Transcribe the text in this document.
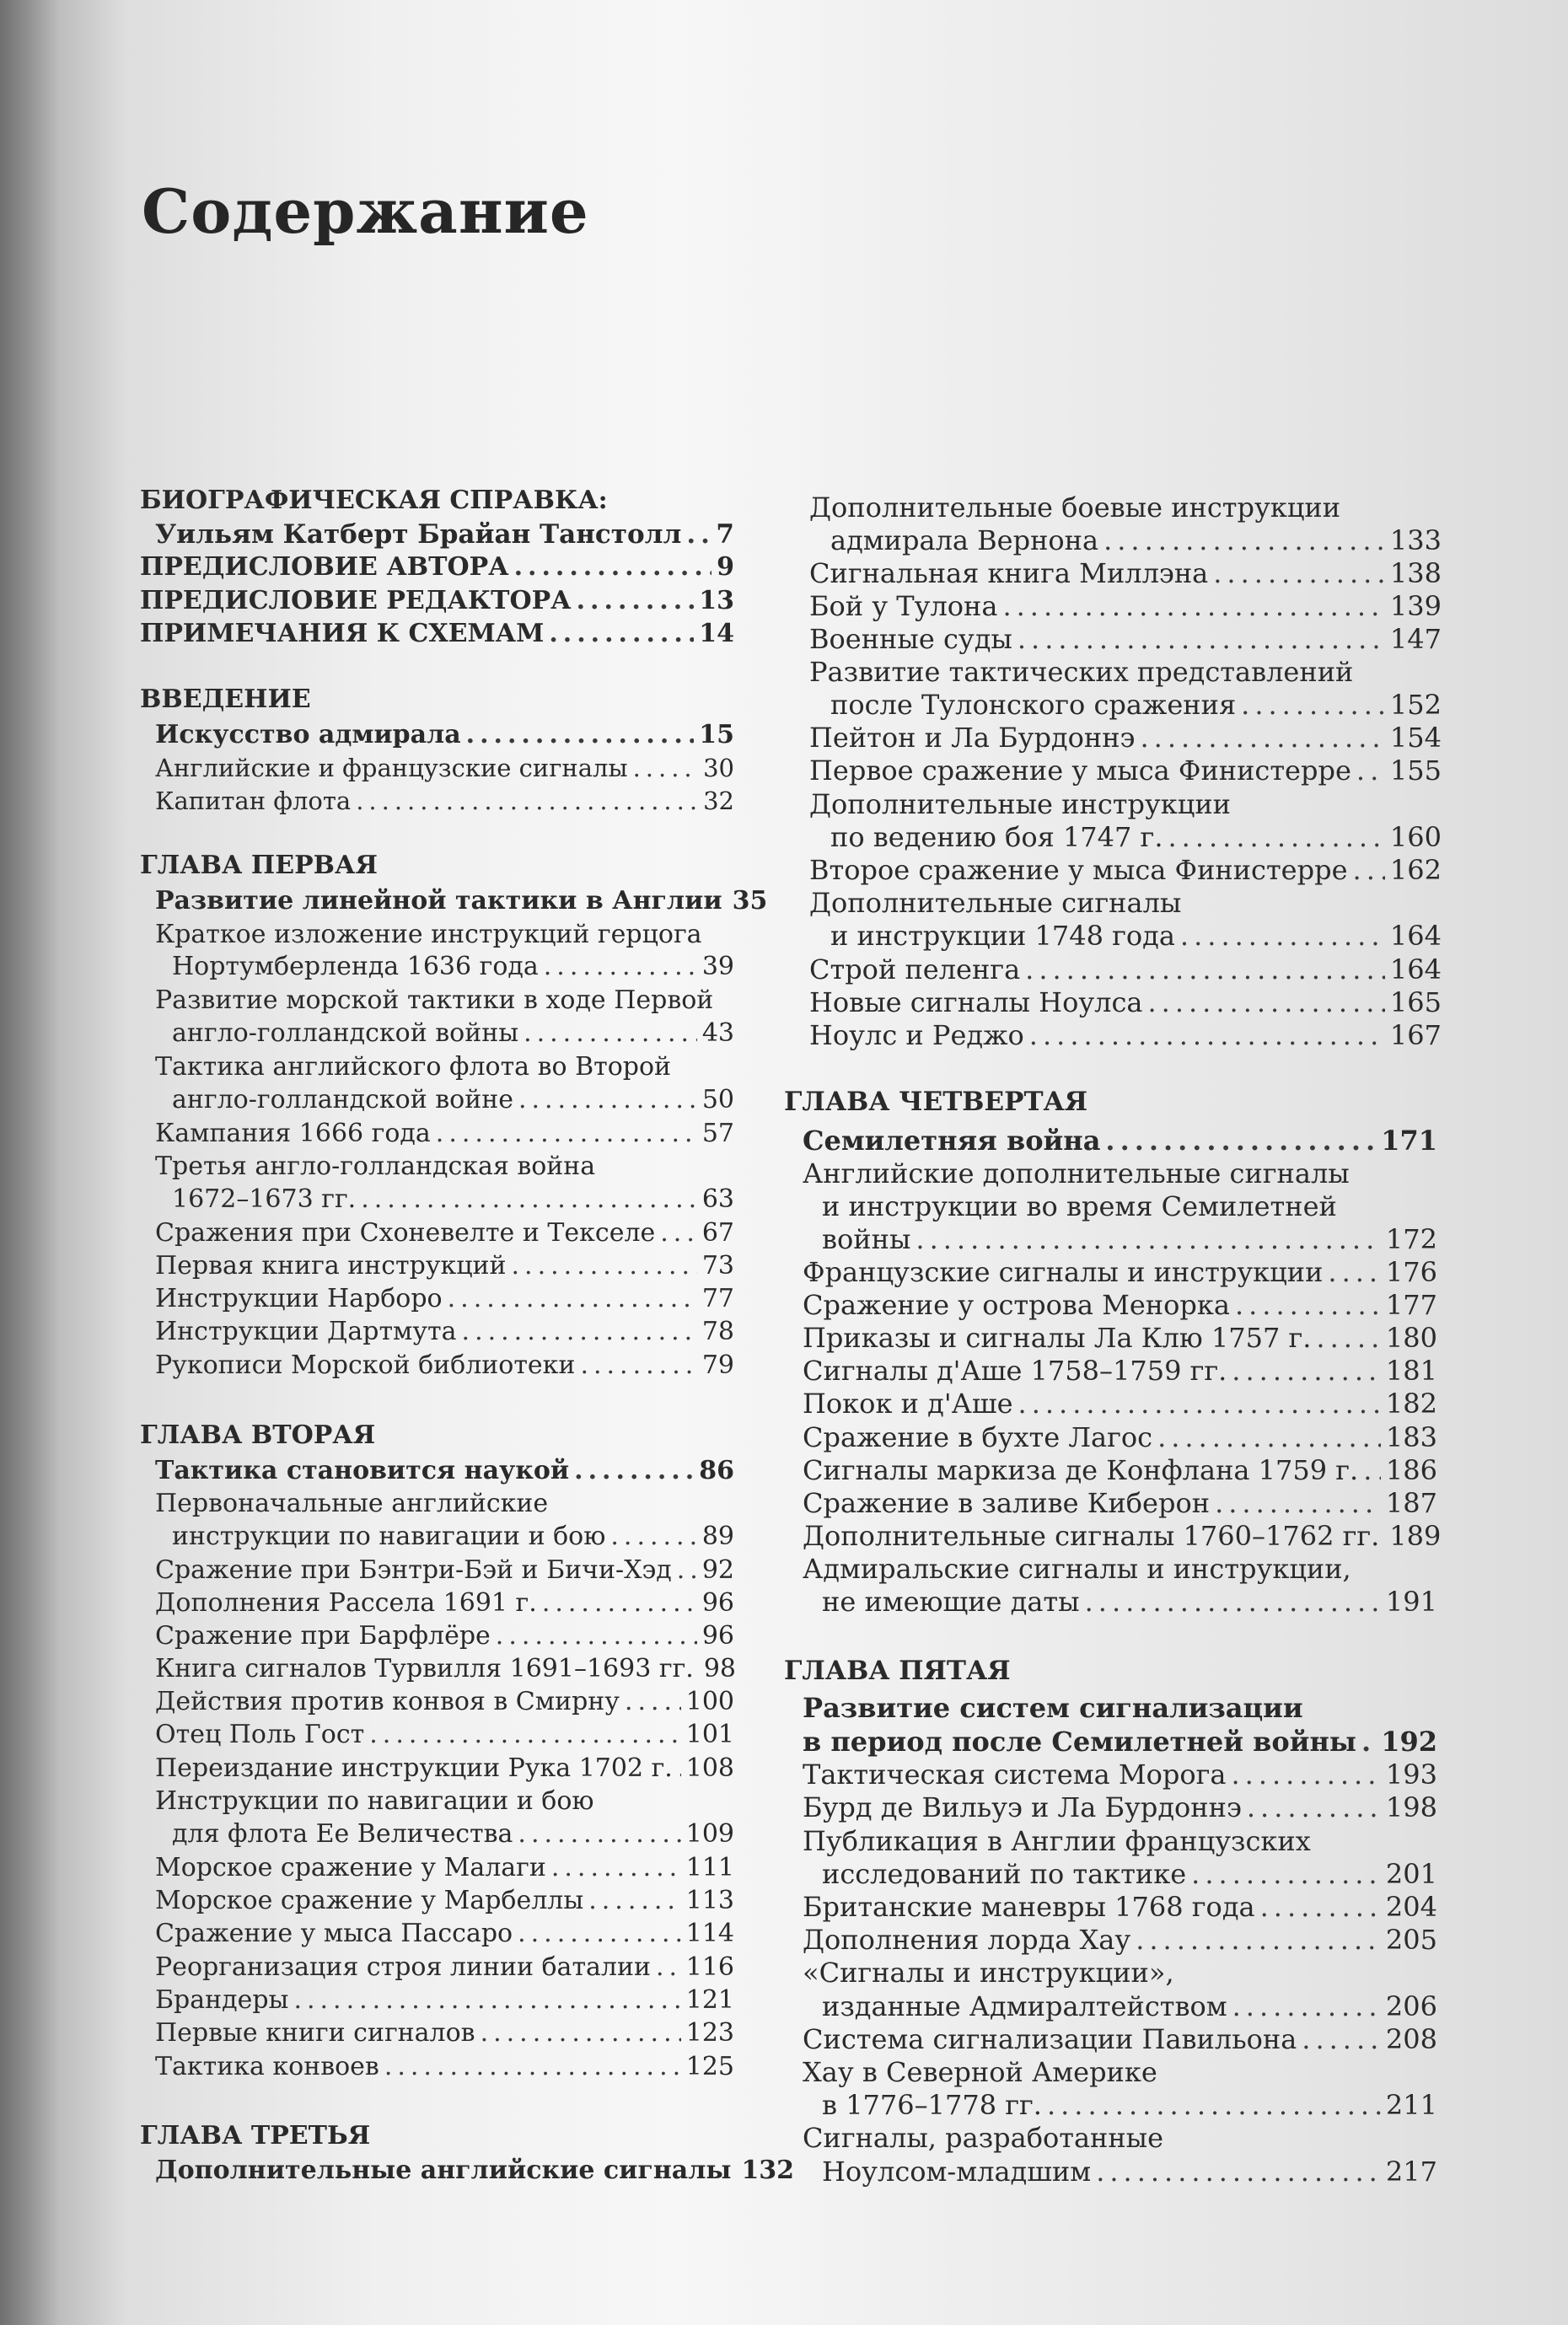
Содержание
БИОГРАФИЧЕСКАЯ СПРАВКА:
Уильям Катберт Брайан Танстолл ..... 7
ПРЕДИСЛОВИЕ АВТОРА .....	9
ПРЕДИСЛОВИЕ РЕДАКТОРА .....	13
ПРИМЕЧАНИЯ К СХЕМАМ .....	14
ВВЕДЕНИЕ
Искусство адмирала .....	15
Английские и французские сигналы .....	30
Капитан флота .....	32
ГЛАВА ПЕРВАЯ
Развитие линейной тактики в Англии 35
Краткое изложение инструкций герцога
Нортумберленда 1636 года .....	39
Развитие морской тактики в ходе Первой
англо-голландской войны .....	43
Тактика английского флота во Второй
англо-голландской войне .....	50
Кампания 1666 года .....	57
Третья англо-голландская война
1672–1673 гг. .....	63
Сражения при Схоневелте и Текселе ..... 67
Первая книга инструкций .....	73
Инструкции Нарборо .....	77
Инструкции Дартмута .....	78
Рукописи Морской библиотеки .....	79
ГЛАВА ВТОРАЯ
Тактика становится наукой .....	86
Первоначальные английские
инструкции по навигации и бою .....	89
Сражение при Бэнтри-Бэй и Бичи-Хэд ..... 92
Дополнения Рассела 1691 г. .....	96
Сражение при Барфлёре .....	96
Книга сигналов Турвилля 1691–1693 гг. 98
Действия против конвоя в Смирну .....	100
Отец Поль Гост .....	101
Переиздание инструкции Рука 1702 г. ..... 108
Инструкции по навигации и бою
для флота Ее Величества .....	109
Морское сражение у Малаги .....	111
Морское сражение у Марбеллы .....	113
Сражение у мыса Пассаро .....	114
Реорганизация строя линии баталии ..... 116
Брандеры .....	121
Первые книги сигналов .....	123
Тактика конвоев .....	125
ГЛАВА ТРЕТЬЯ
Дополнительные английские сигналы 132
Дополнительные боевые инструкции
адмирала Вернона .....	133
Сигнальная книга Миллэна .....	138
Бой у Тулона .....	139
Военные суды .....	147
Развитие тактических представлений
после Тулонского сражения .....	152
Пейтон и Ла Бурдоннэ .....	154
Первое сражение у мыса Финистерре ..... 155
Дополнительные инструкции
по ведению боя 1747 г. .....	160
Второе сражение у мыса Финистерре ..... 162
Дополнительные сигналы
и инструкции 1748 года .....	164
Строй пеленга .....	164
Новые сигналы Ноулса .....	165
Ноулс и Реджо .....	167
ГЛАВА ЧЕТВЕРТАЯ
Семилетняя война .....	171
Английские дополнительные сигналы
и инструкции во время Семилетней
войны .....	172
Французские сигналы и инструкции ..... 176
Сражение у острова Менорка .....	177
Приказы и сигналы Ла Клю 1757 г. .....	180
Сигналы д'Аше 1758–1759 гг. .....	181
Покок и д'Аше .....	182
Сражение в бухте Лагос .....	183
Сигналы маркиза де Конфлана 1759 г. ..... 186
Сражение в заливе Киберон .....	187
Дополнительные сигналы 1760–1762 гг. 189
Адмиральские сигналы и инструкции,
не имеющие даты .....	191
ГЛАВА ПЯТАЯ
Развитие систем сигнализации
в период после Семилетней войны ..... 192
Тактическая система Морога .....	193
Бурд де Вильуэ и Ла Бурдоннэ .....	198
Публикация в Англии французских
исследований по тактике .....	201
Британские маневры 1768 года .....	204
Дополнения лорда Хау .....	205
«Сигналы и инструкции»,
изданные Адмиралтейством .....	206
Система сигнализации Павильона .....	208
Хау в Северной Америке
в 1776–1778 гг. .....	211
Сигналы, разработанные
Ноулсом-младшим .....	217
